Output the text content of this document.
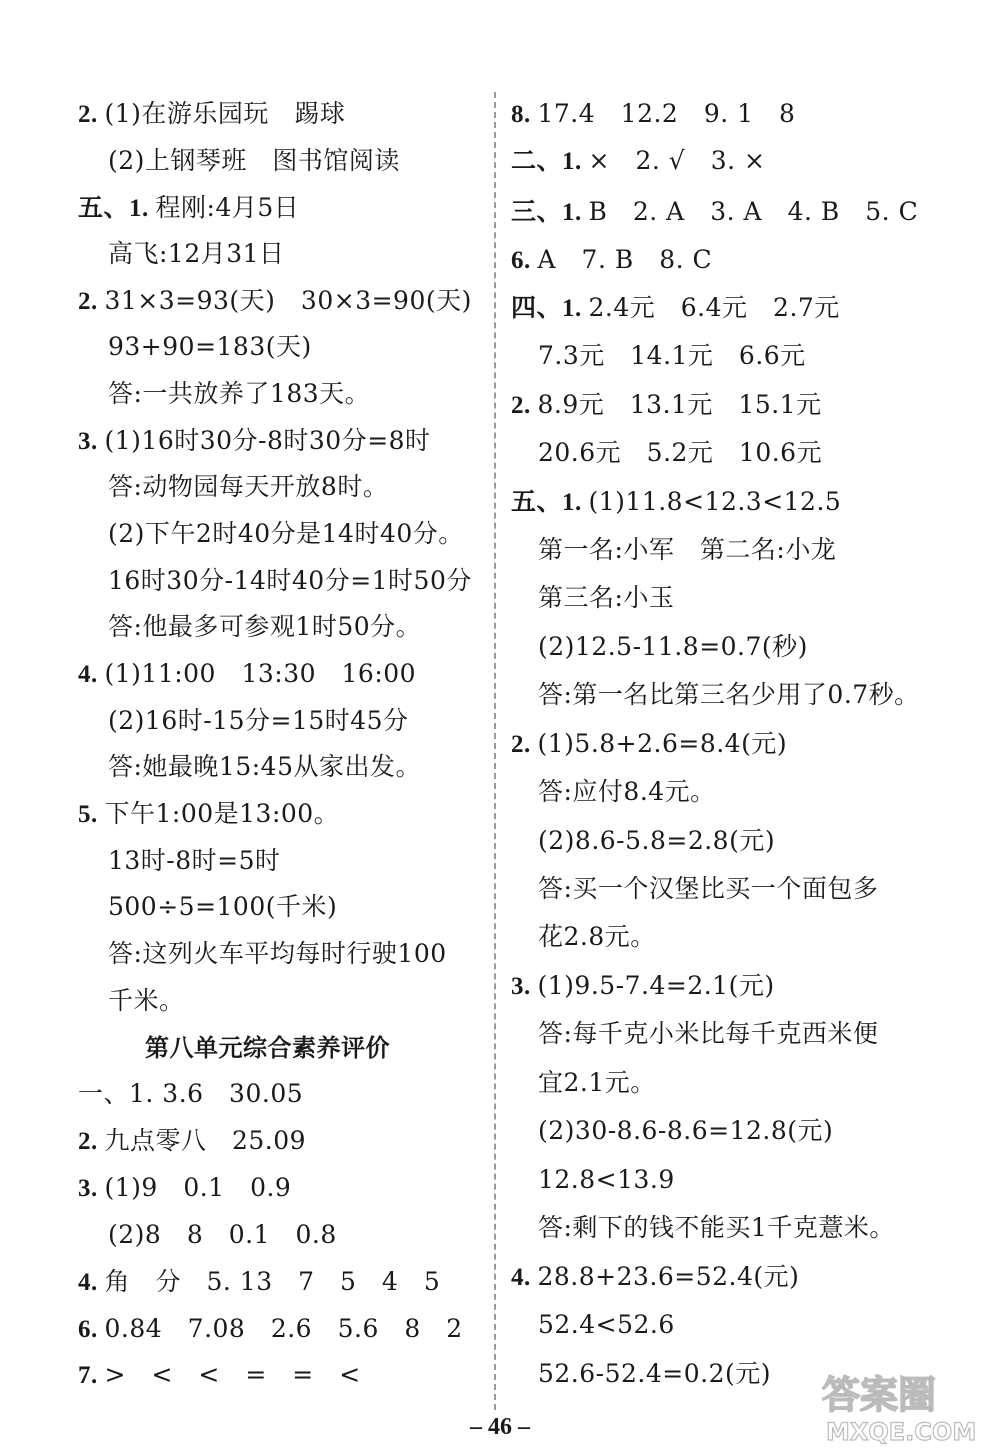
2. (1)在游乐园玩　踢球
(2)上钢琴班　图书馆阅读
五、1. 程刚:4月5日
高飞:12月31日
2. 31×3=93(天)　30×3=90(天)
93+90=183(天)
答:一共放养了183天。
3. (1)16时30分-8时30分=8时
答:动物园每天开放8时。
(2)下午2时40分是14时40分。
16时30分-14时40分=1时50分
答:他最多可参观1时50分。
4. (1)11:00　13:30　16:00
(2)16时-15分=15时45分
答:她最晚15:45从家出发。
5. 下午1:00是13:00。
13时-8时=5时
500÷5=100(千米)
答:这列火车平均每时行驶100
千米。
一、1. 3.6　30.05
2. 九点零八　25.09
3. (1)9　0.1　0.9
(2)8　8　0.1　0.8
4. 角　分　5. 13　7　5　4　5
6. 0.84　7.08　2.6　5.6　8　2
7. >　<　<　=　=　<
8. 17.4　12.2　9. 1　8
二、1. ×　2. √　3. ×
三、1. B　2. A　3. A　4. B　5. C
6. A　7. B　8. C
四、1. 2.4元　6.4元　2.7元
7.3元　14.1元　6.6元
2. 8.9元　13.1元　15.1元
20.6元　5.2元　10.6元
五、1. (1)11.8<12.3<12.5
第一名:小军　第二名:小龙
第三名:小玉
(2)12.5-11.8=0.7(秒)
答:第一名比第三名少用了0.7秒。
2. (1)5.8+2.6=8.4(元)
答:应付8.4元。
(2)8.6-5.8=2.8(元)
答:买一个汉堡比买一个面包多
花2.8元。
3. (1)9.5-7.4=2.1(元)
答:每千克小米比每千克西米便
宜2.1元。
(2)30-8.6-8.6=12.8(元)
12.8<13.9
答:剩下的钱不能买1千克薏米。
4. 28.8+23.6=52.4(元)
52.4<52.6
52.6-52.4=0.2(元)
第八单元综合素养评价
– 46 –
答案圈
MXQE.COM
